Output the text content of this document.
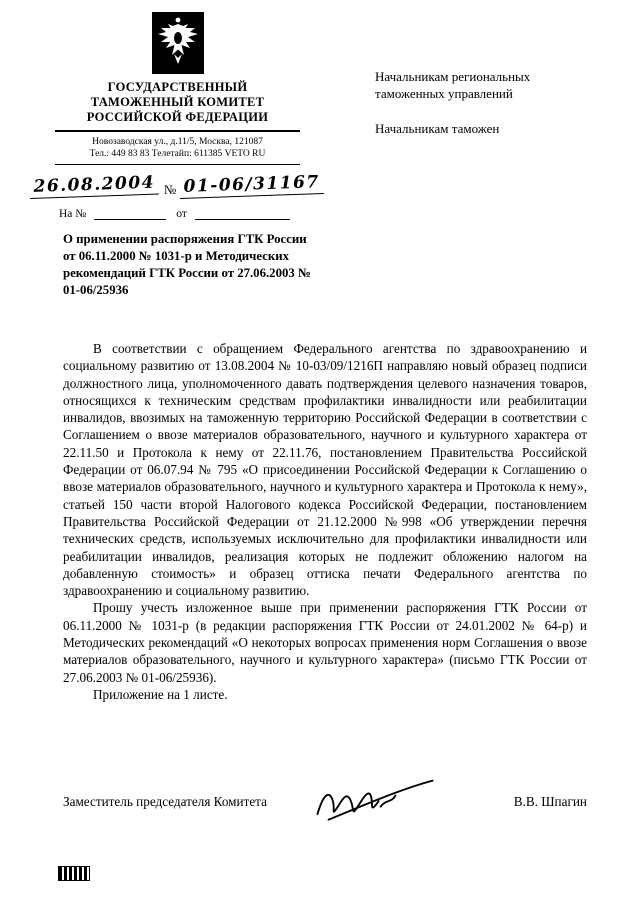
ГОСУДАРСТВЕННЫЙ
ТАМОЖЕННЫЙ КОМИТЕТ
РОССИЙСКОЙ ФЕДЕРАЦИИ
Новозаводская ул., д.11/5, Москва, 121087
Тел.: 449 83 83 Телетайп: 611385 VETO RU
26.08.2004 № 01-06/31167
На №	от
Начальникам региональных
таможенных управлений
Начальникам таможен
О применении распоряжения ГТК России от 06.11.2000 № 1031-р и Методических рекомендаций ГТК России от 27.06.2003 № 01-06/25936

В соответствии с обращением Федерального агентства по здравоохранению и социальному развитию от 13.08.2004 № 10-03/09/1216П направляю новый образец подписи должностного лица, уполномоченного давать подтверждения целевого назначения товаров, относящихся к техническим средствам профилактики инвалидности или реабилитации инвалидов, ввозимых на таможенную территорию Российской Федерации в соответствии с Соглашением о ввозе материалов образовательного, научного и культурного характера от 22.11.50 и Протокола к нему от 22.11.76, постановлением Правительства Российской Федерации от 06.07.94 № 795 «О присоединении Российской Федерации к Соглашению о ввозе материалов образовательного, научного и культурного характера и Протокола к нему», статьей 150 части второй Налогового кодекса Российской Федерации, постановлением Правительства Российской Федерации от 21.12.2000 №998 «Об утверждении перечня технических средств, используемых исключительно для профилактики инвалидности или реабилитации инвалидов, реализация которых не подлежит обложению налогом на добавленную стоимость» и образец оттиска печати Федерального агентства по здравоохранению и социальному развитию.

Прошу учесть изложенное выше при применении распоряжения ГТК России от 06.11.2000 № 1031-р (в редакции распоряжения ГТК России от 24.01.2002 № 64-р) и Методических рекомендаций «О некоторых вопросах применения норм Соглашения о ввозе материалов образовательного, научного и культурного характера» (письмо ГТК России от 27.06.2003 № 01-06/25936).

Приложение на 1 листе.

Заместитель председателя Комитета	В.В. Шпагин
